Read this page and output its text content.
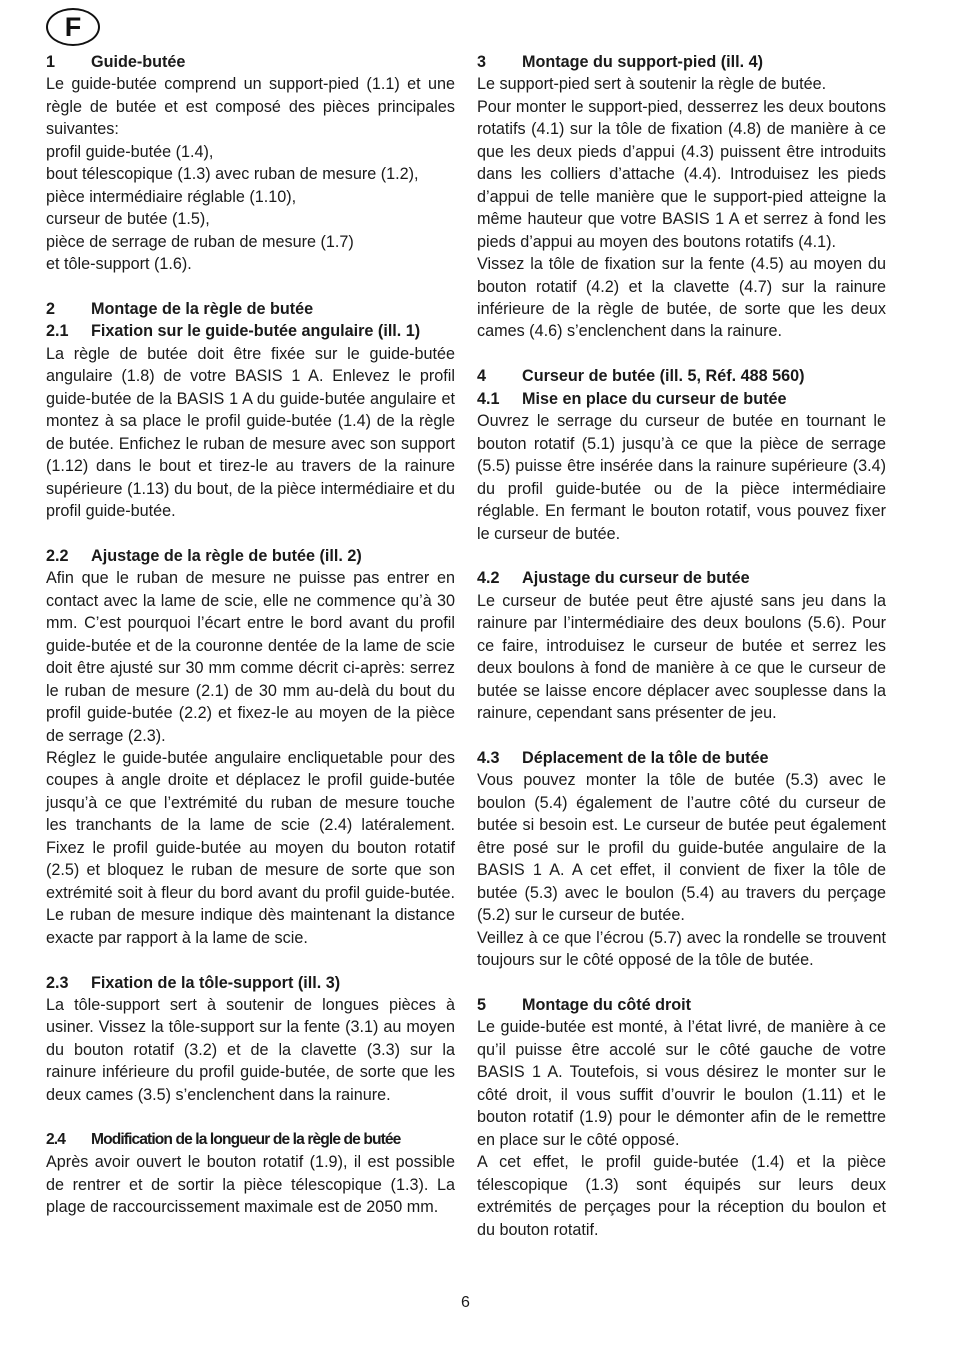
F
1	Guide-butée

Le guide-butée comprend un support-pied (1.1) et une règle de butée et est composé des pièces principales suivantes:

profil guide-butée (1.4),

bout télescopique (1.3) avec ruban de mesure (1.2),

pièce intermédiaire réglable (1.10),

curseur de butée (1.5),

pièce de serrage de ruban de mesure (1.7)

et tôle-support (1.6).

2	Montage de la règle de butée
2.1	Fixation sur le guide-butée angulaire (ill. 1)

La règle de butée doit être fixée sur le guide-butée angulaire (1.8) de votre BASIS 1 A. Enlevez le profil guide-butée de la BASIS 1 A du guide-butée angulaire et montez à sa place le profil guide-butée (1.4) de la règle de butée. Enfichez le ruban de mesure avec son support (1.12) dans le bout et tirez-le au travers de la rainure supérieure (1.13) du bout, de la pièce intermédiaire et du profil guide-butée.

2.2	Ajustage de la règle de butée (ill. 2)

Afin que le ruban de mesure ne puisse pas entrer en contact avec la lame de scie, elle ne commence qu’à 30 mm. C’est pourquoi l’écart entre le bord avant du profil guide-butée et de la couronne dentée de la lame de scie doit être ajusté sur 30 mm comme décrit ci-après: serrez le ruban de mesure (2.1) de 30 mm au-delà du bout du profil guide-butée (2.2) et fixez-le au moyen de la pièce de serrage (2.3).

Réglez le guide-butée angulaire encliquetable pour des coupes à angle droite et déplacez le profil guide-butée jusqu’à ce que l’extrémité du ruban de mesure touche les tranchants de la lame de scie (2.4) latéralement. Fixez le profil guide-butée au moyen du bouton rotatif (2.5) et bloquez le ruban de mesure de sorte que son extrémité soit à fleur du bord avant du profil guide-butée. Le ruban de mesure indique dès maintenant la distance exacte par rapport à la lame de scie.

2.3	Fixation de la tôle-support (ill. 3)

La tôle-support sert à soutenir de longues pièces à usiner. Vissez la tôle-support sur la fente (3.1) au moyen du bouton rotatif (3.2) et de la clavette (3.3) sur la rainure inférieure du profil guide-butée, de sorte que les deux cames (3.5) s’enclenchent dans la rainure.

2.4	Modification de la longueur de la règle de butée

Après avoir ouvert le bouton rotatif (1.9), il est possible de rentrer et de sortir la pièce télescopique (1.3). La plage de raccourcissement maximale est de 2050 mm.

3	Montage du support-pied (ill. 4)

Le support-pied sert à soutenir la règle de butée.

Pour monter le support-pied, desserrez les deux boutons rotatifs (4.1) sur la tôle de fixation (4.8) de manière à ce que les deux pieds d’appui (4.3) puissent être introduits dans les colliers d’attache (4.4). Introduisez les pieds d’appui de telle manière que le support-pied atteigne la même hauteur que votre BASIS 1 A et serrez à fond les pieds d’appui au moyen des boutons rotatifs (4.1).

Vissez la tôle de fixation sur la fente (4.5) au moyen du bouton rotatif (4.2) et la clavette (4.7) sur la rainure inférieure de la règle de butée, de sorte que les deux cames (4.6) s’enclenchent dans la rainure.

4	Curseur de butée (ill. 5, Réf. 488 560)
4.1	Mise en place du curseur de butée

Ouvrez le serrage du curseur de butée en tournant le bouton rotatif (5.1) jusqu’à ce que la pièce de serrage (5.5) puisse être insérée dans la rainure supérieure (3.4) du profil guide-butée ou de la pièce intermédiaire réglable. En fermant le bouton rotatif, vous pouvez fixer le curseur de butée.

4.2	Ajustage du curseur de butée

Le curseur de butée peut être ajusté sans jeu dans la rainure par l’intermédiaire des deux boulons (5.6). Pour ce faire, introduisez le curseur de butée et serrez les deux boulons à fond de manière à ce que le curseur de butée se laisse encore déplacer avec souplesse dans la rainure, cependant sans présenter de jeu.

4.3	Déplacement de la tôle de butée

Vous pouvez monter la tôle de butée (5.3) avec le boulon (5.4) également de l’autre côté du curseur de butée si besoin est. Le curseur de butée peut également être posé sur le profil du guide-butée angulaire de la BASIS 1 A. A cet effet, il convient de fixer la tôle de butée (5.3) avec le boulon (5.4) au travers du perçage (5.2) sur le curseur de butée.

Veillez à ce que l’écrou (5.7) avec la rondelle se trouvent toujours sur le côté opposé de la tôle de butée.

5	Montage du côté droit

Le guide-butée est monté, à l’état livré, de manière à ce qu’il puisse être accolé sur le côté gauche de votre BASIS 1 A. Toutefois, si vous désirez le monter sur le côté droit, il vous suffit d’ouvrir le boulon (1.11) et le bouton rotatif (1.9) pour le démonter afin de le remettre en place sur le côté opposé.

A cet effet, le profil guide-butée (1.4) et la pièce télescopique (1.3) sont équipés sur leurs deux extrémités de perçages pour la réception du boulon et du bouton rotatif.

6
